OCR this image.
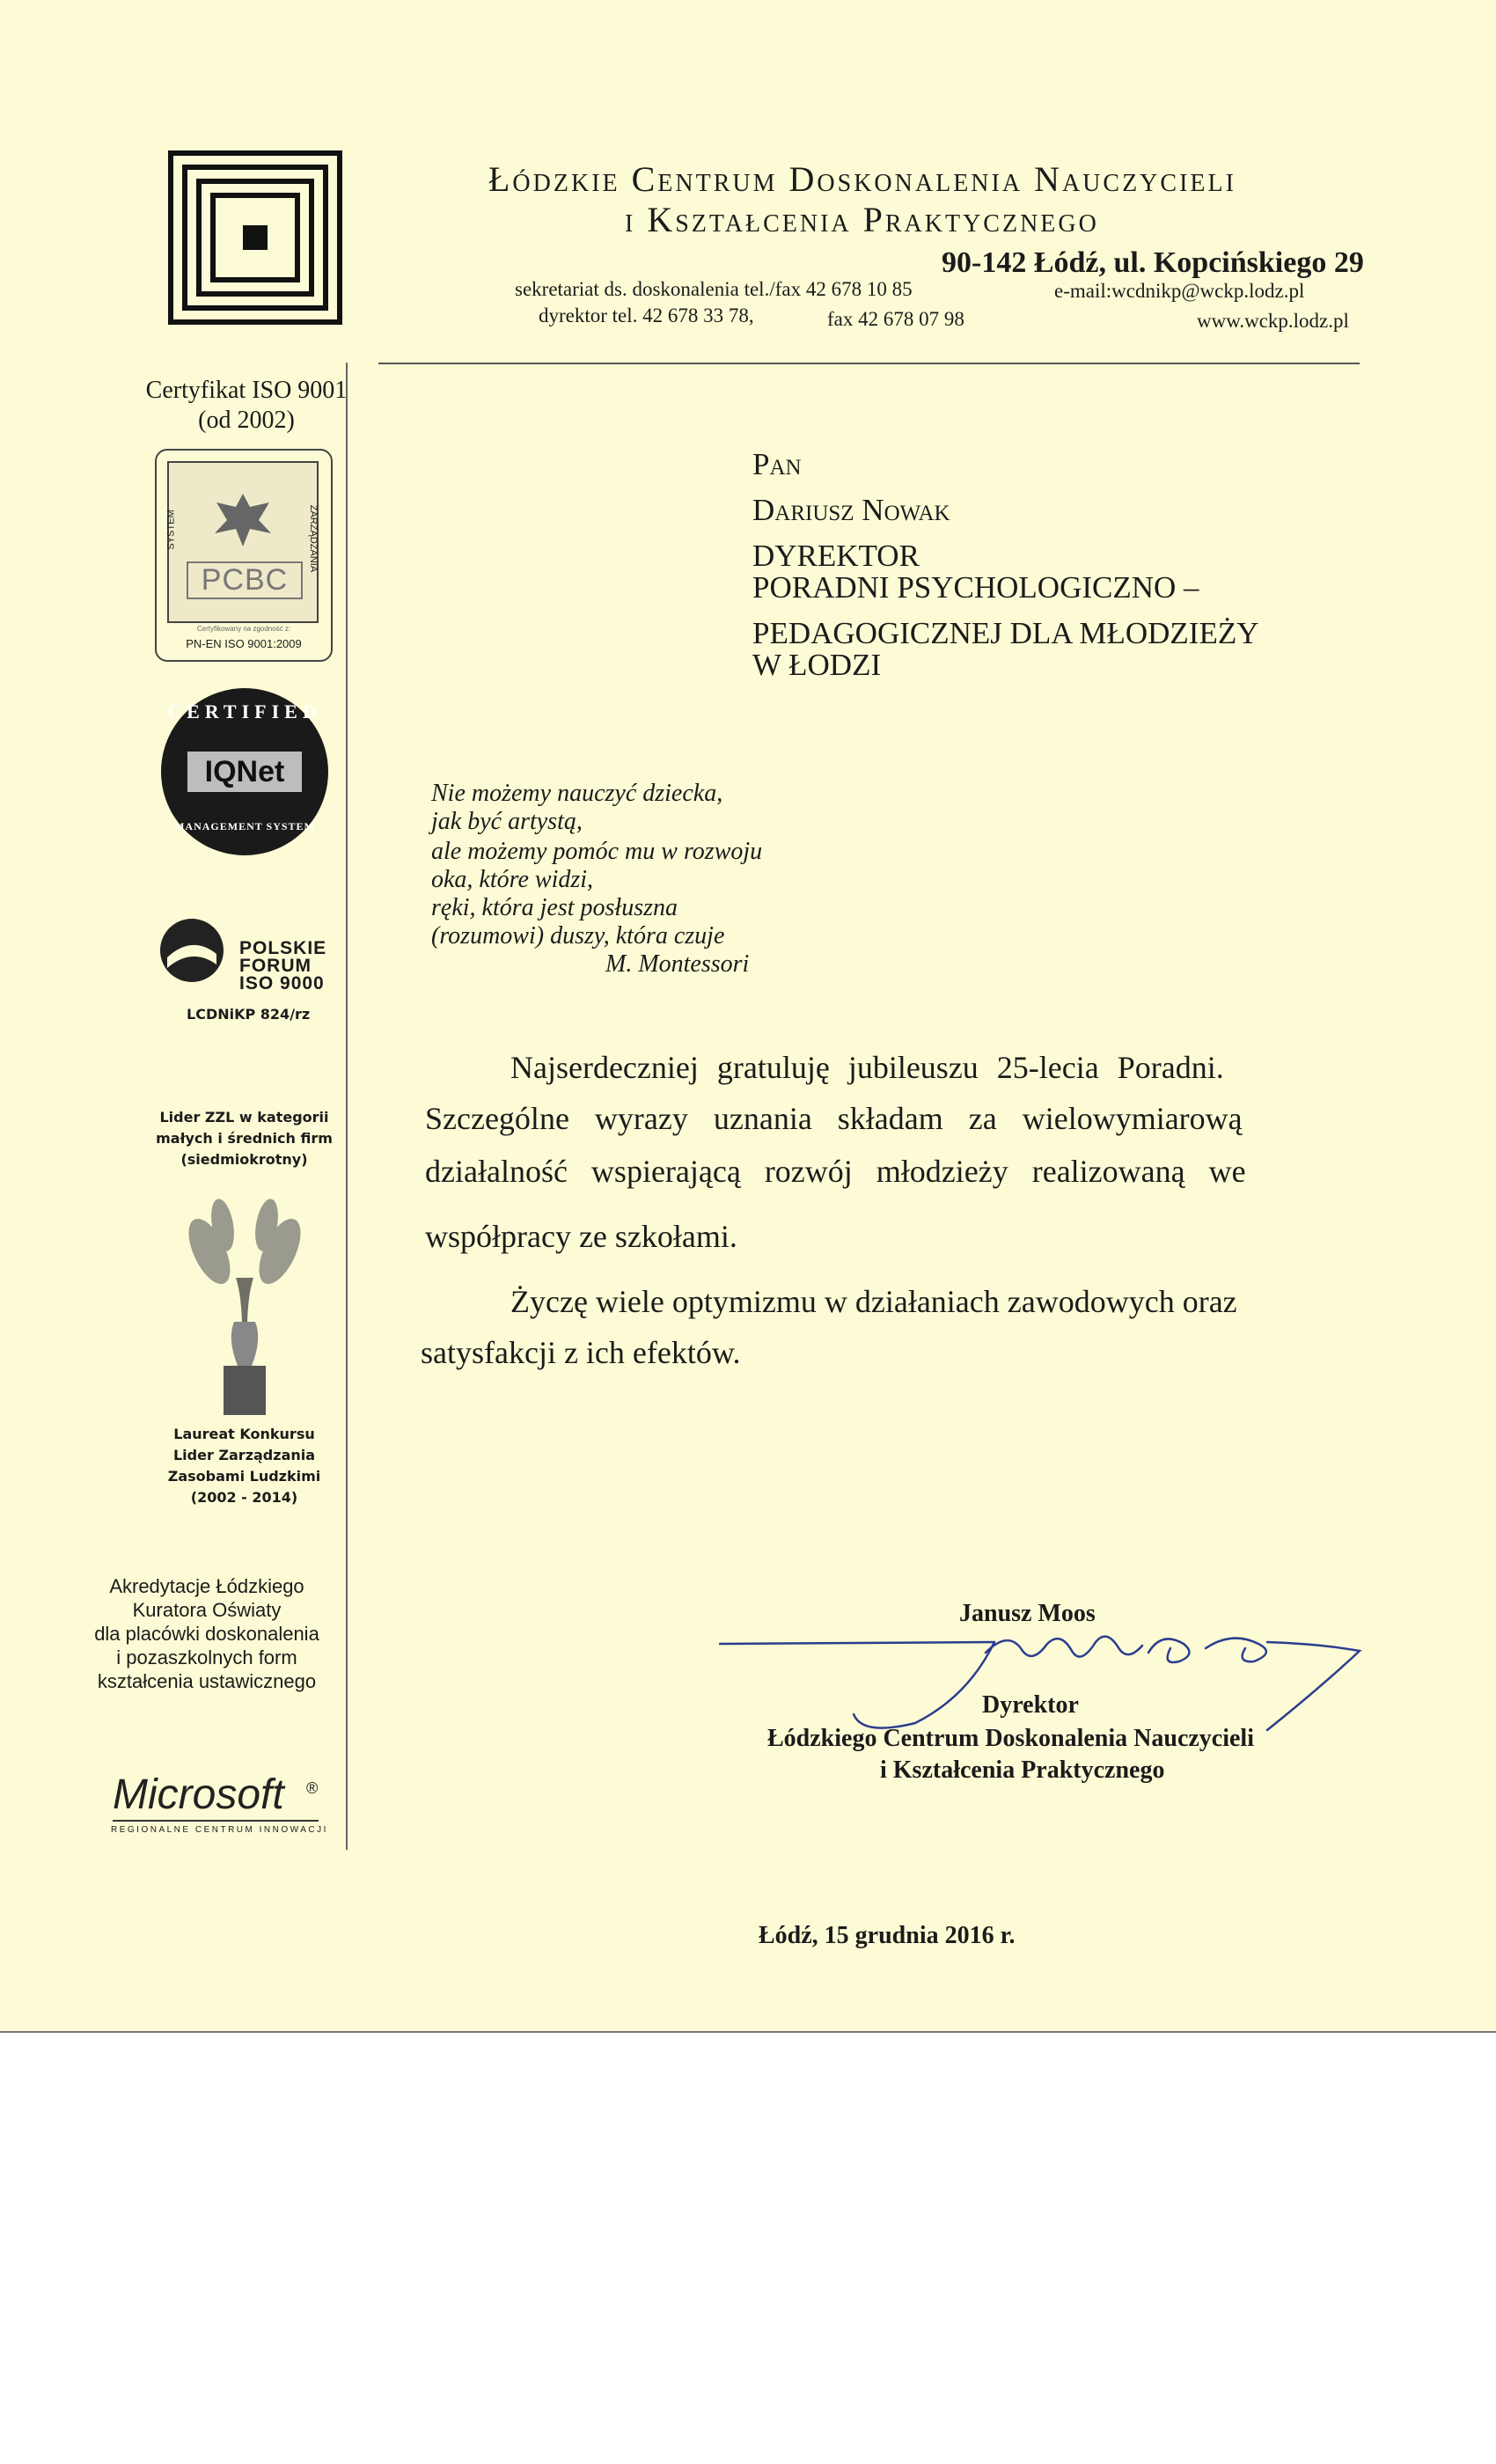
Łódzkie Centrum Doskonalenia Nauczycieli
i Kształcenia Praktycznego
90-142 Łódź, ul. Kopcińskiego 29
sekretariat ds. doskonalenia tel./fax 42 678 10 85
dyrektor tel. 42 678 33 78,	fax 42 678 07 98
e-mail:wcdnikp@wckp.lodz.pl
www.wckp.lodz.pl
Certyfikat ISO 9001
(od 2002)
PCBC
SYSTEM	ZARZĄDZANIA
Certyfikowany na zgodność z:
PN-EN ISO 9001:2009
CERTIFIED
IQNet
MANAGEMENT SYSTEM
POLSKIE
FORUM
ISO 9000
LCDNiKP 824/rz
Lider ZZL w kategorii
małych i średnich firm
(siedmiokrotny)
Laureat Konkursu
Lider Zarządzania
Zasobami Ludzkimi
(2002 - 2014)
Akredytacje Łódzkiego
Kuratora Oświaty
dla placówki doskonalenia
i pozaszkolnych form
kształcenia ustawicznego
Microsoft ®
REGIONALNE CENTRUM INNOWACJI
Pan
Dariusz Nowak
DYREKTOR
PORADNI PSYCHOLOGICZNO –
PEDAGOGICZNEJ DLA MŁODZIEŻY
W ŁODZI
Nie możemy nauczyć dziecka,
jak być artystą,
ale możemy pomóc mu w rozwoju
oka, które widzi,
ręki, która jest posłuszna
(rozumowi) duszy, która czuje
M. Montessori
Najserdeczniej gratuluję jubileuszu 25-lecia Poradni.
Szczególne wyrazy uznania składam za wielowymiarową
działalność wspierającą rozwój młodzieży realizowaną we
współpracy ze szkołami.
Życzę wiele optymizmu w działaniach zawodowych oraz
satysfakcji z ich efektów.
Janusz Moos
Dyrektor
Łódzkiego Centrum Doskonalenia Nauczycieli
i Kształcenia Praktycznego
Łódź, 15 grudnia 2016 r.
